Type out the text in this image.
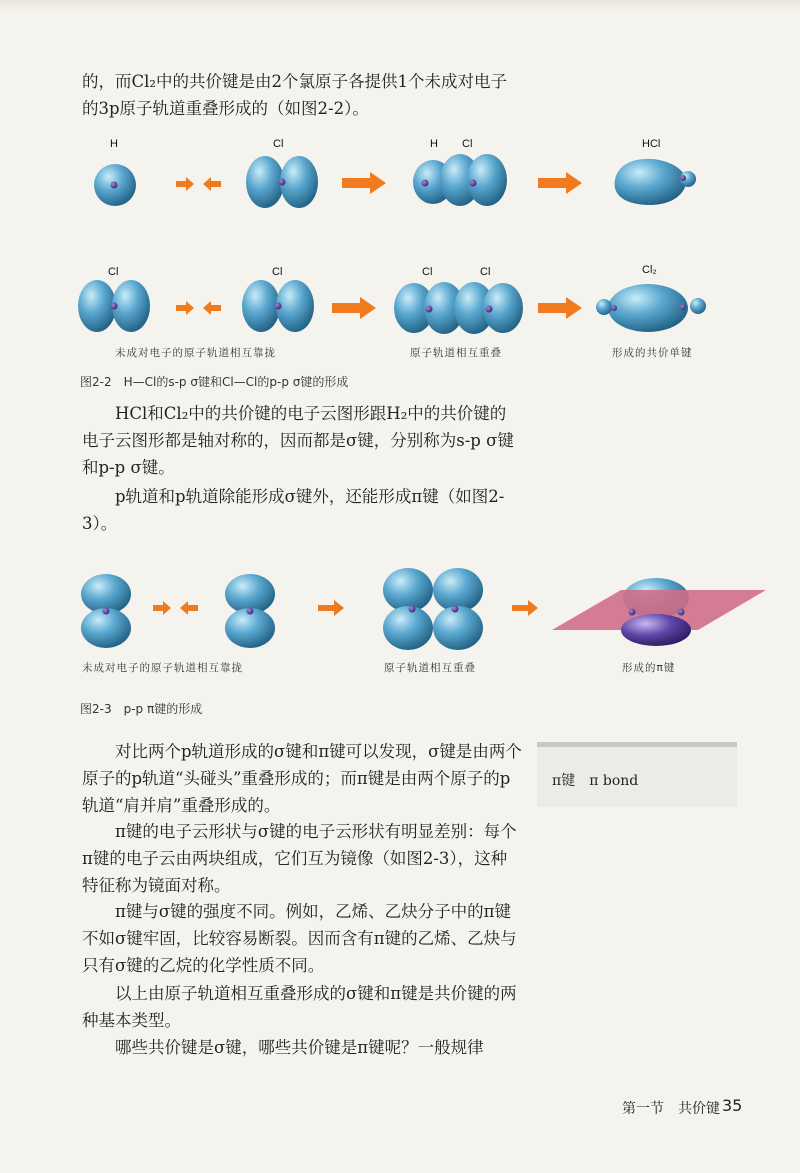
的，而Cl₂中的共价键是由2个氯原子各提供1个未成对电子的3p原子轨道重叠形成的（如图2-2）。

H	Cl	H Cl	HCl
Cl	Cl	Cl	Cl	Cl₂
未成对电子的原子轨道相互靠拢	原子轨道相互重叠	形成的共价单键
图2-2　H—Cl的s-p σ键和Cl—Cl的p-p σ键的形成

HCl和Cl₂中的共价键的电子云图形跟H₂中的共价键的电子云图形都是轴对称的，因而都是σ键，分别称为s-p σ键和p-p σ键。

p轨道和p轨道除能形成σ键外，还能形成π键（如图2-3）。

未成对电子的原子轨道相互靠拢	原子轨道相互重叠	形成的π键
图2-3　p-p π键的形成

对比两个p轨道形成的σ键和π键可以发现，σ键是由两个原子的p轨道“头碰头”重叠形成的；而π键是由两个原子的p轨道“肩并肩”重叠形成的。

π键的电子云形状与σ键的电子云形状有明显差别：每个π键的电子云由两块组成，它们互为镜像（如图2-3），这种特征称为镜面对称。

π键与σ键的强度不同。例如，乙烯、乙炔分子中的π键不如σ键牢固，比较容易断裂。因而含有π键的乙烯、乙炔与只有σ键的乙烷的化学性质不同。

以上由原子轨道相互重叠形成的σ键和π键是共价键的两种基本类型。

哪些共价键是σ键，哪些共价键是π键呢？一般规律

π键　π bond
第一节　共价键 35
